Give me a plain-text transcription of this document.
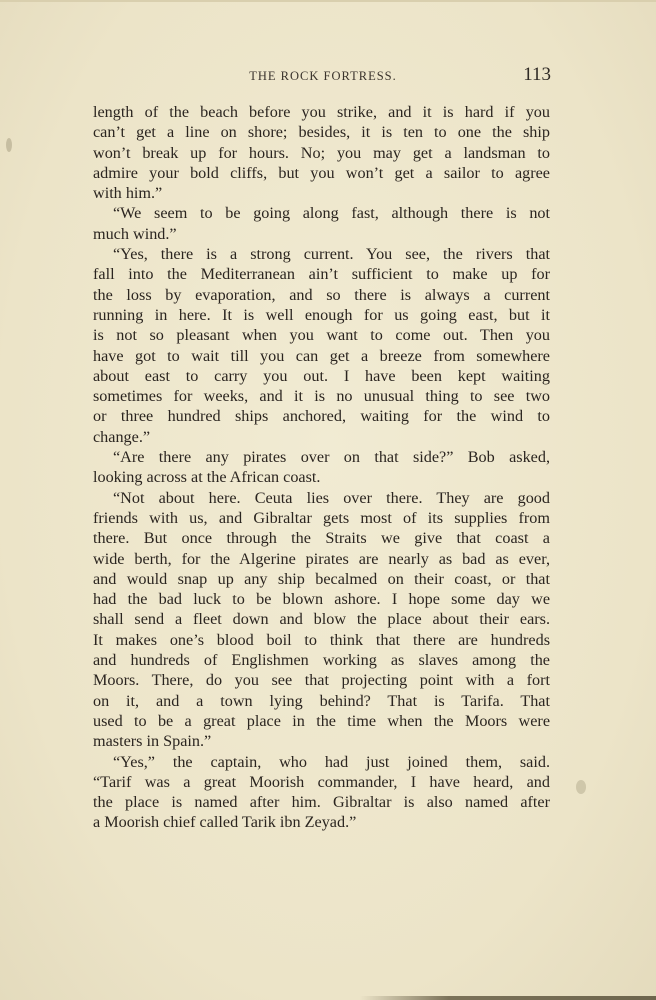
THE ROCK FORTRESS.	113
length of the beach before you strike, and it is hard if you
can’t get a line on shore; besides, it is ten to one the ship
won’t break up for hours. No; you may get a landsman to
admire your bold cliffs, but you won’t get a sailor to agree
with him.”
“We seem to be going along fast, although there is not
much wind.”
“Yes, there is a strong current. You see, the rivers that
fall into the Mediterranean ain’t sufficient to make up for
the loss by evaporation, and so there is always a current
running in here. It is well enough for us going east, but it
is not so pleasant when you want to come out. Then you
have got to wait till you can get a breeze from somewhere
about east to carry you out. I have been kept waiting
sometimes for weeks, and it is no unusual thing to see two
or three hundred ships anchored, waiting for the wind to
change.”
“Are there any pirates over on that side?” Bob asked,
looking across at the African coast.
“Not about here. Ceuta lies over there. They are good
friends with us, and Gibraltar gets most of its supplies from
there. But once through the Straits we give that coast a
wide berth, for the Algerine pirates are nearly as bad as ever,
and would snap up any ship becalmed on their coast, or that
had the bad luck to be blown ashore. I hope some day we
shall send a fleet down and blow the place about their ears.
It makes one’s blood boil to think that there are hundreds
and hundreds of Englishmen working as slaves among the
Moors. There, do you see that projecting point with a fort
on it, and a town lying behind? That is Tarifa. That
used to be a great place in the time when the Moors were
masters in Spain.”
“Yes,” the captain, who had just joined them, said.
“Tarif was a great Moorish commander, I have heard, and
the place is named after him. Gibraltar is also named after
a Moorish chief called Tarik ibn Zeyad.”
